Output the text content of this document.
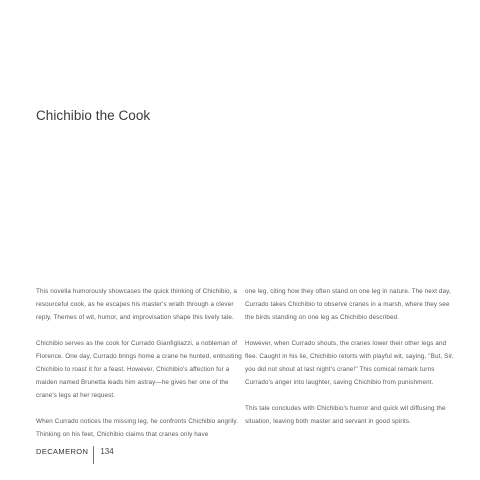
Chichibio the Cook

This novella humorously showcases the quick thinking of Chichibio, a resourceful cook, as he escapes his master's wrath through a clever reply. Themes of wit, humor, and improvisation shape this lively tale.

Chichibio serves as the cook for Currado Gianfigliazzi, a nobleman of Florence. One day, Currado brings home a crane he hunted, entrusting Chichibio to roast it for a feast. However, Chichibio's affection for a maiden named Brunetta leads him astray—he gives her one of the crane's legs at her request.

When Currado notices the missing leg, he confronts Chichibio angrily. Thinking on his feet, Chichibio claims that cranes only have

one leg, citing how they often stand on one leg in nature. The next day, Currado takes Chichibio to observe cranes in a marsh, where they see the birds standing on one leg as Chichibio described.

However, when Currado shouts, the cranes lower their other legs and flee. Caught in his lie, Chichibio retorts with playful wit, saying, "But, Sir, you did not shout at last night's crane!" This comical remark turns Currado's anger into laughter, saving Chichibio from punishment.

This tale concludes with Chichibio's humor and quick wit diffusing the situation, leaving both master and servant in good spirits.

DECAMERON	134
